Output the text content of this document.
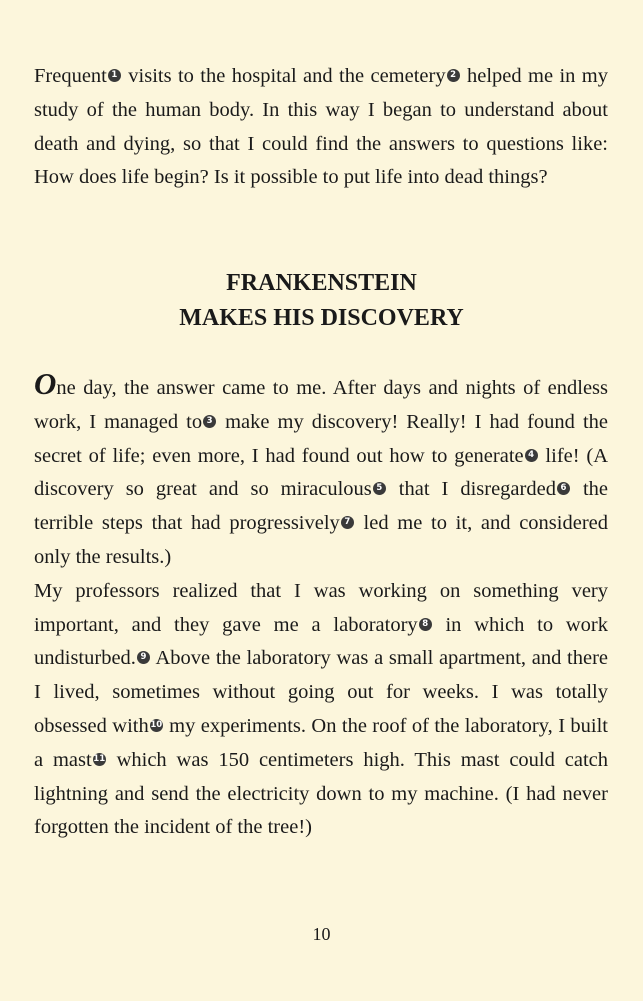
Frequent 1 visits to the hospital and the cemetery 2 helped me in my study of the human body. In this way I began to understand about death and dying, so that I could find the answers to questions like: How does life begin? Is it possible to put life into dead things?

FRANKENSTEIN
MAKES HIS DISCOVERY

One day, the answer came to me. After days and nights of endless work, I managed to 3 make my discovery! Really! I had found the secret of life; even more, I had found out how to generate 4 life! (A discovery so great and so miraculous 5 that I disregarded 6 the terrible steps that had progressively 7 led me to it, and considered only the results.)

My professors realized that I was working on something very important, and they gave me a laboratory 8 in which to work undisturbed. 9 Above the laboratory was a small apartment, and there I lived, sometimes without going out for weeks. I was totally obsessed with 10 my experiments. On the roof of the laboratory, I built a mast 11 which was 150 centimeters high. This mast could catch lightning and send the electricity down to my machine. (I had never forgotten the incident of the tree!)

10
